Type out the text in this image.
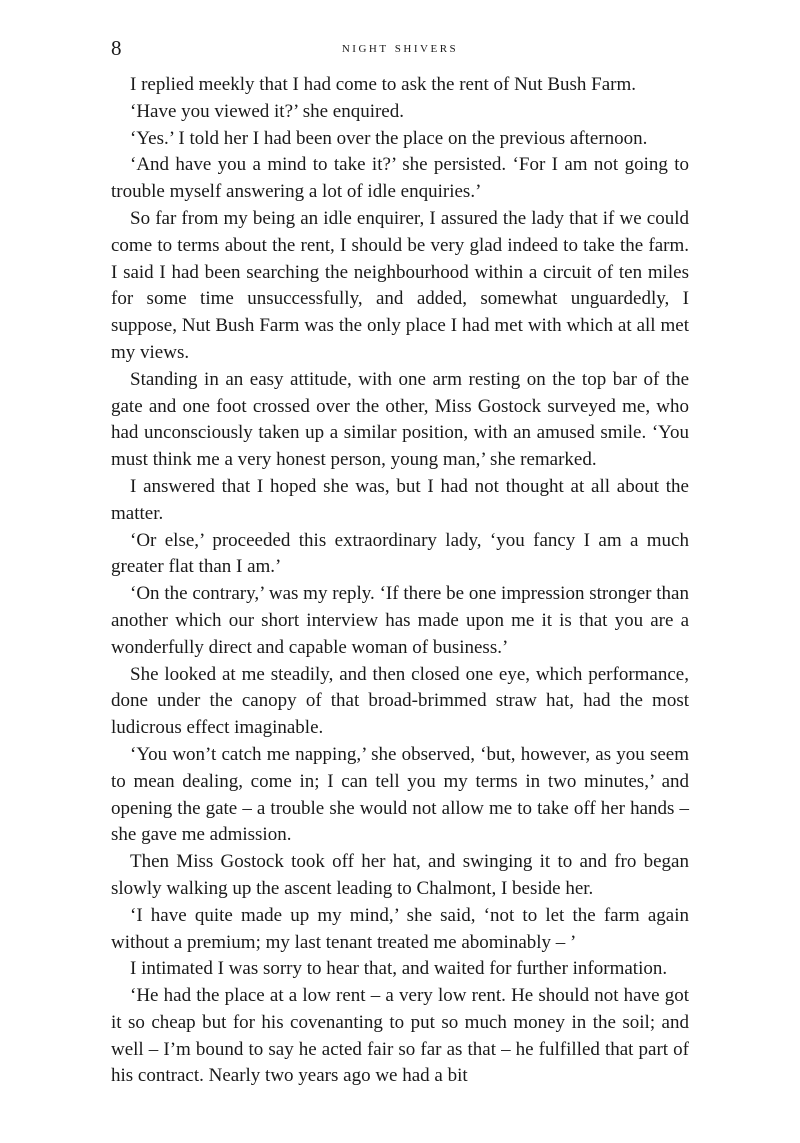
8	night shivers

I replied meekly that I had come to ask the rent of Nut Bush Farm.

‘Have you viewed it?’ she enquired.

‘Yes.’ I told her I had been over the place on the previous afternoon.

‘And have you a mind to take it?’ she persisted. ‘For I am not going to trouble myself answering a lot of idle enquiries.’

So far from my being an idle enquirer, I assured the lady that if we could come to terms about the rent, I should be very glad indeed to take the farm. I said I had been searching the neighbourhood within a circuit of ten miles for some time unsuccessfully, and added, somewhat unguardedly, I suppose, Nut Bush Farm was the only place I had met with which at all met my views.

Standing in an easy attitude, with one arm resting on the top bar of the gate and one foot crossed over the other, Miss Gostock surveyed me, who had unconsciously taken up a similar position, with an amused smile. ‘You must think me a very honest person, young man,’ she remarked.

I answered that I hoped she was, but I had not thought at all about the matter.

‘Or else,’ proceeded this extraordinary lady, ‘you fancy I am a much greater flat than I am.’

‘On the contrary,’ was my reply. ‘If there be one impression stronger than another which our short interview has made upon me it is that you are a wonderfully direct and capable woman of business.’

She looked at me steadily, and then closed one eye, which performance, done under the canopy of that broad-brimmed straw hat, had the most ludicrous effect imaginable.

‘You won’t catch me napping,’ she observed, ‘but, however, as you seem to mean dealing, come in; I can tell you my terms in two minutes,’ and opening the gate – a trouble she would not allow me to take off her hands – she gave me admission.

Then Miss Gostock took off her hat, and swinging it to and fro began slowly walking up the ascent leading to Chalmont, I beside her.

‘I have quite made up my mind,’ she said, ‘not to let the farm again without a premium; my last tenant treated me abominably – ’

I intimated I was sorry to hear that, and waited for further information.

‘He had the place at a low rent – a very low rent. He should not have got it so cheap but for his covenanting to put so much money in the soil; and well – I’m bound to say he acted fair so far as that – he fulfilled that part of his contract. Nearly two years ago we had a bit
